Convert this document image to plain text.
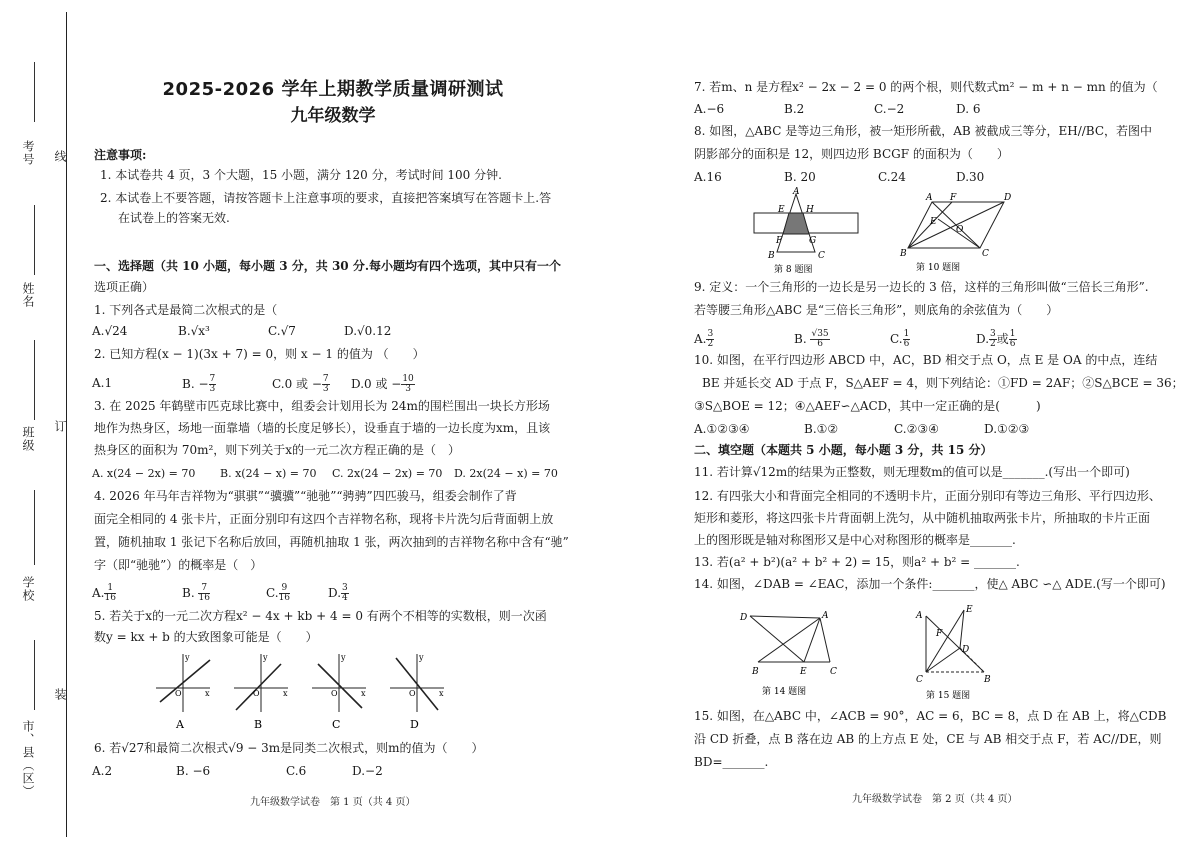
考号 线
姓名
班级 订
学校
装
市、县（区）
2025-2026 学年上期教学质量调研测试
九年级数学
注意事项:
1. 本试卷共 4 页，3 个大题，15 小题，满分 120 分，考试时间 100 分钟.
2. 本试卷上不要答题，请按答题卡上注意事项的要求，直接把答案填写在答题卡上.答
在试卷上的答案无效.
一、选择题（共 10 小题，每小题 3 分，共 30 分.每小题均有四个选项，其中只有一个
选项正确）
1. 下列各式是最简二次根式的是（
A.√24	B.√x³	C.√7	D.√0.12
2. 已知方程(x − 1)(3x + 7) = 0，则 x − 1 的值为 （　　）
A.1	B. − $\frac{7}{3}$	C.0 或 − $\frac{7}{3} D.0$ 或 − $\frac{10}{3}$
3. 在 2025 年鹤壁市匹克球比赛中，组委会计划用长为 24m的围栏围出一块长方形场
地作为热身区，场地一面靠墙（墙的长度足够长），设垂直于墙的一边长度为xm，且该
热身区的面积为 70m²，则下列关于x的一元二次方程正确的是（　）
A. x(24 − 2x) = 70 B. x(24 − x) = 70 C. 2x(24 − 2x) = 70 D. 2x(24 − x) = 70
4. 2026 年马年吉祥物为“骐骐”“骥骥”“驰驰”“骋骋”四匹骏马，组委会制作了背
面完全相同的 4 张卡片，正面分别印有这四个吉祥物名称，现将卡片洗匀后背面朝上放
置，随机抽取 1 张记下名称后放回，再随机抽取 1 张，两次抽到的吉祥物名称中含有“驰”
字（即“驰驰”）的概率是（　）
A. $\frac{1}{16}$	B. $\frac{7}{16}$	C. $\frac{9}{16}$	D. $\frac{3}{4}$
5. 若关于x的一元二次方程x² − 4x + kb + 4 = 0 有两个不相等的实数根，则一次函
数y = kx + b 的大致图象可能是（　　）
y
x
O
A
y
x
O
B
y
x
O
C
y
x
O
D
6. 若√27和最简二次根式√9 − 3m是同类二次根式，则m的值为（　　）
A.2	B. −6	C.6	D.−2
九年级数学试卷　第 1 页（共 4 页）
7. 若m、n 是方程x² − 2x − 2 = 0 的两个根，则代数式m² − m + n − mn 的值为（
A.−6	B.2	C.−2	D. 6
8. 如图，△ABC 是等边三角形，被一矩形所截，AB 被截成三等分，EH//BC，若图中
阴影部分的面积是 12，则四边形 BCGF 的面积为（　　）
A.16	B. 20	C.24	D.30
A
E H
F	G
B	C
第 8 题图
A F	D
E
O
B	C
第 10 题图
9. 定义：一个三角形的一边长是另一边长的 3 倍，这样的三角形叫做“三倍长三角形”.
若等腰三角形△ABC 是“三倍长三角形”，则底角的余弦值为（　　）
A. $\frac{3}{2}$	B. $\frac{√35}{6}$	C. $\frac{1}{6}$	D. $\frac{3}{2}$ 或 $\frac{1}{6}$
10. 如图，在平行四边形 ABCD 中，AC，BD 相交于点 O，点 E 是 OA 的中点，连结
BE 并延长交 AD 于点 F，S△AEF = 4，则下列结论：①FD = 2AF；②S△BCE = 36；
③S△BOE = 12；④△AEF∽△ACD，其中一定正确的是(　　　)
A.①②③④	B.①②	C.②③④	D.①②③
二、填空题（本题共 5 小题，每小题 3 分，共 15 分）
11. 若计算√12m的结果为正整数，则无理数m的值可以是_______.(写出一个即可)
12. 有四张大小和背面完全相同的不透明卡片，正面分别印有等边三角形、平行四边形、
矩形和菱形，将这四张卡片背面朝上洗匀，从中随机抽取两张卡片，所抽取的卡片正面
上的图形既是轴对称图形又是中心对称图形的概率是_______.
13. 若(a² + b²)(a² + b² + 2) = 15，则a² + b² = _______.
14. 如图，∠DAB = ∠EAC，添加一个条件:_______，使△ ABC ∽△ ADE.(写一个即可)
D	A
B	E	C
第 14 题图
A
E
F
D
C	B
第 15 题图
15. 如图，在△ABC 中，∠ACB = 90°，AC = 6，BC = 8，点 D 在 AB 上，将△CDB
沿 CD 折叠，点 B 落在边 AB 的上方点 E 处，CE 与 AB 相交于点 F，若 AC//DE，则
BD=_______.
九年级数学试卷　第 2 页（共 4 页）
